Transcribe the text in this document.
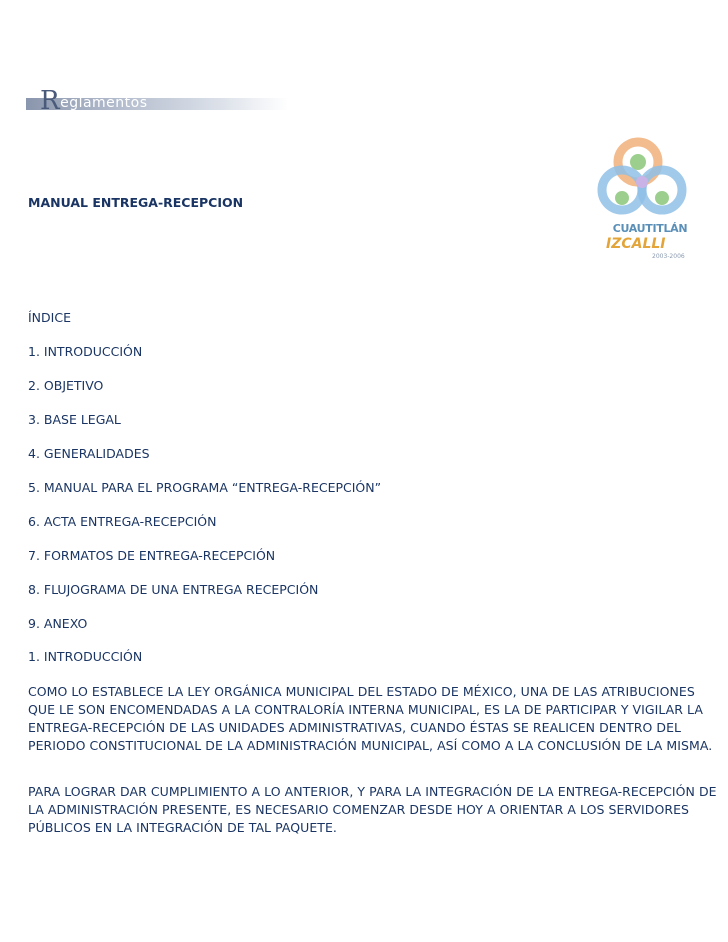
Reglamentos
MANUAL ENTREGA-RECEPCION
CUAUTITLÁN
IZCALLI
2003-2006
ÍNDICE
1. INTRODUCCIÓN
2. OBJETIVO
3. BASE LEGAL
4. GENERALIDADES
5. MANUAL PARA EL PROGRAMA “ENTREGA-RECEPCIÓN”
6. ACTA ENTREGA-RECEPCIÓN
7. FORMATOS DE ENTREGA-RECEPCIÓN
8. FLUJOGRAMA DE UNA ENTREGA RECEPCIÓN
9. ANEXO
1. INTRODUCCIÓN

COMO LO ESTABLECE LA LEY ORGÁNICA MUNICIPAL DEL ESTADO DE MÉXICO, UNA DE LAS ATRIBUCIONES QUE LE SON ENCOMENDADAS A LA CONTRALORÍA INTERNA MUNICIPAL, ES LA DE PARTICIPAR Y VIGILAR LA ENTREGA-RECEPCIÓN DE LAS UNIDADES ADMINISTRATIVAS, CUANDO ÉSTAS SE REALICEN DENTRO DEL PERIODO CONSTITUCIONAL DE LA ADMINISTRACIÓN MUNICIPAL, ASÍ COMO A LA CONCLUSIÓN DE LA MISMA.

PARA LOGRAR DAR CUMPLIMIENTO A LO ANTERIOR, Y PARA LA INTEGRACIÓN DE LA ENTREGA-RECEPCIÓN DE LA ADMINISTRACIÓN PRESENTE, ES NECESARIO COMENZAR DESDE HOY A ORIENTAR A LOS SERVIDORES PÚBLICOS EN LA INTEGRACIÓN DE TAL PAQUETE.
